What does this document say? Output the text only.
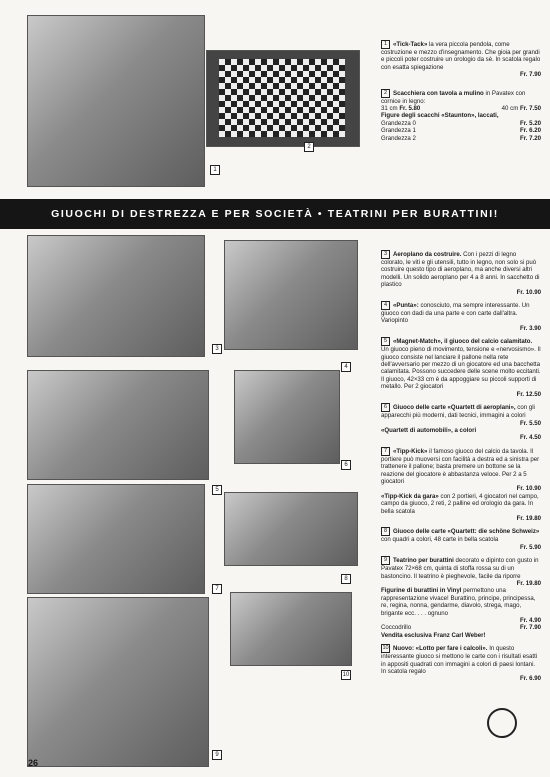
1
2
GIUOCHI DI DESTREZZA E PER SOCIETÀ • TEATRINI PER BURATTINI!
3
4
5
6
7
8
9
10
1 «Tick-Tack» la vera piccola pendola, come costruzione e mezzo d'insegnamento. Che gioia per grandi e piccoli poter costruire un orologio da sè. In scatola regalo con esatta spiegazione
Fr. 7.90
2 Scacchiera con tavola a mulino in Pavatex con cornice in legno:
31 cm Fr. 5.80	40 cm Fr. 7.50
Figure degli scacchi «Staunton», laccati,
Grandezza 0	Fr. 5.20
Grandezza 1	Fr. 6.20
Grandezza 2	Fr. 7.20
3 Aeroplano da costruire. Con i pezzi di legno colorato, le viti e gli utensili, tutto in legno, non solo si può costruire questo tipo di aeroplano, ma anche diversi altri modelli. Un solido aeroplano per 4 a 8 anni. In sacchetto di plastico
Fr. 10.90
4 «Punta»: conosciuto, ma sempre interessante. Un giuoco con dadi da una parte e con carte dall'altra. Variopinto
Fr. 3.90
5 «Magnet-Match», il giuoco del calcio calamitato. Un giuoco pieno di movimento, tensione e «nervosismo». Il giuoco consiste nel lanciare il pallone nella rete dell'avversario per mezzo di un giocatore ed una bacchetta calamitata. Possono succedere delle scene molto eccitanti. Il giuoco, 42×33 cm è da appoggiare su piccoli supporti di metallo. Per 2 giocatori
Fr. 12.50
6 Giuoco delle carte «Quartett di aeroplani», con gli apparecchi più moderni, dati tecnici, immagini a colori
Fr. 5.50
«Quartett di automobili», a colori
Fr. 4.50
7 «Tipp-Kick» il famoso giuoco del calcio da tavola. Il portiere può muoversi con facilità a destra ed a sinistra per trattenere il pallone; basta premere un bottone se la reazione del giocatore è abbastanza veloce. Per 2 a 5 giocatori
Fr. 10.90
«Tipp-Kick da gara» con 2 portieri, 4 giocatori nel campo, campo da giuoco, 2 reti, 2 palline ed orologio da gara. In bella scatola
Fr. 19.80
8 Giuoco delle carte «Quartett: die schöne Schweiz» con quadri a colori, 48 carte in bella scatola
Fr. 5.90
9 Teatrino per burattini decorato e dipinto con gusto in Pavatex 72×68 cm, quinta di stoffa rossa su di un bastoncino. Il teatrino è pieghevole, facile da riporre
Fr. 19.80
Figurine di burattini in Vinyl permettono una rappresentazione vivace! Burattino, principe, principessa, re, regina, nonna, gendarme, diavolo, strega, mago, brigante ecc. . . . ognuno
Fr. 4.90
Coccodrillo	Fr. 7.90
Vendita esclusiva Franz Carl Weber!
10 Nuovo: «Lotto per fare i calcoli». In questo interessante giuoco si mettono le carte con i risultati esatti in appositi quadrati con immagini a colori di paesi lontani. In scatola regalo
Fr. 6.90
26
